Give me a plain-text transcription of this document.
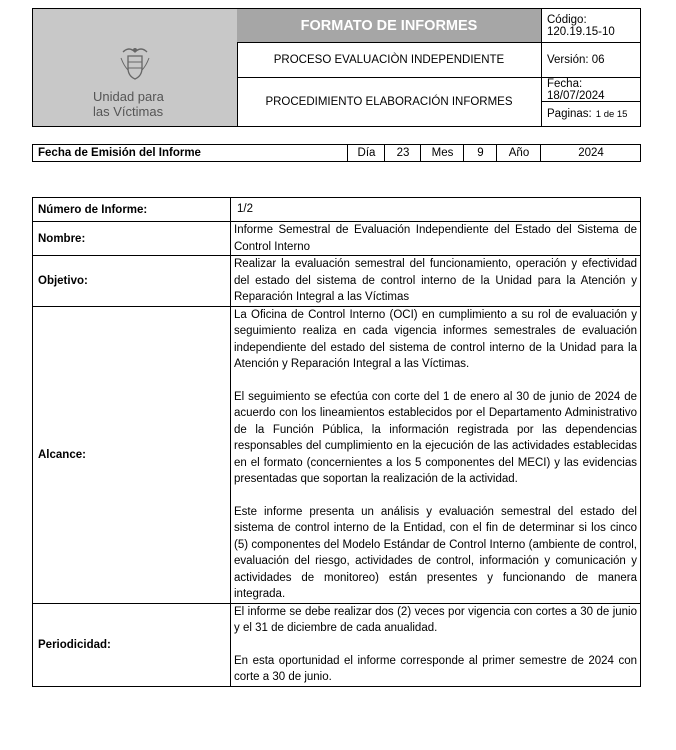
Unidad para
las Víctimas
FORMATO DE INFORMES
PROCESO EVALUACIÒN INDEPENDIENTE
PROCEDIMIENTO ELABORACIÓN INFORMES
Código: 120.19.15-10
Versión: 06
Fecha: 18/07/2024
Paginas: 1 de 15
Fecha de Emisión del Informe	Día	23	Mes	9	Año	2024
Número de Informe:	1/2
Nombre:	Informe Semestral de Evaluación Independiente del Estado del Sistema de Control Interno
Objetivo:	Realizar la evaluación semestral del funcionamiento, operación y efectividad del estado del sistema de control interno de la Unidad para la Atención y Reparación Integral a las Víctimas
Alcance:	La Oficina de Control Interno (OCI) en cumplimiento a su rol de evaluación y seguimiento realiza en cada vigencia informes semestrales de evaluación independiente del estado del sistema de control interno de la Unidad para la Atención y Reparación Integral a las Víctimas.

El seguimiento se efectúa con corte del 1 de enero al 30 de junio de 2024 de acuerdo con los lineamientos establecidos por el Departamento Administrativo de la Función Pública, la información registrada por las dependencias responsables del cumplimiento en la ejecución de las actividades establecidas en el formato (concernientes a los 5 componentes del MECI) y las evidencias presentadas que soportan la realización de la actividad.

Este informe presenta un análisis y evaluación semestral del estado del sistema de control interno de la Entidad, con el fin de determinar si los cinco (5) componentes del Modelo Estándar de Control Interno (ambiente de control, evaluación del riesgo, actividades de control, información y comunicación y actividades de monitoreo) están presentes y funcionando de manera integrada.

Periodicidad:	El informe se debe realizar dos (2) veces por vigencia con cortes a 30 de junio y el 31 de diciembre de cada anualidad.

En esta oportunidad el informe corresponde al primer semestre de 2024 con corte a 30 de junio.
